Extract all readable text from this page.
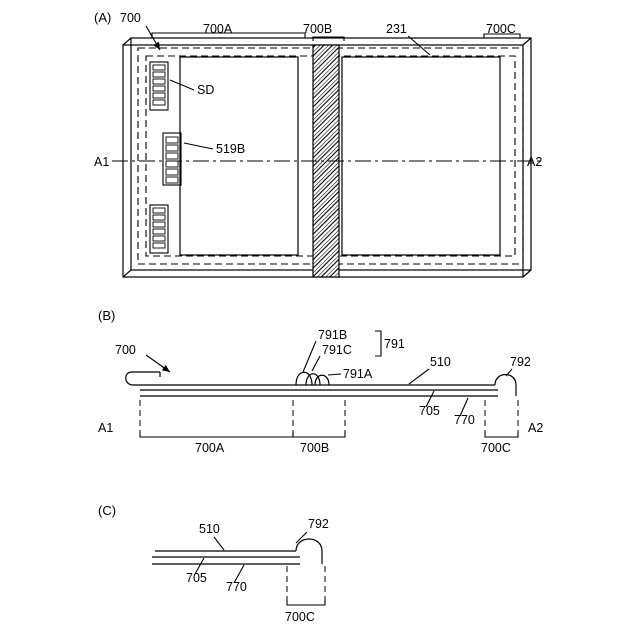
(A)
A1	A2
700
700A	700B	231	700C
SD
519B
(B)
700A	700B	700C
A1	A2
700
791B
791C
791A
791
510	792
705
770
(C)
700C
510	792
705
770
